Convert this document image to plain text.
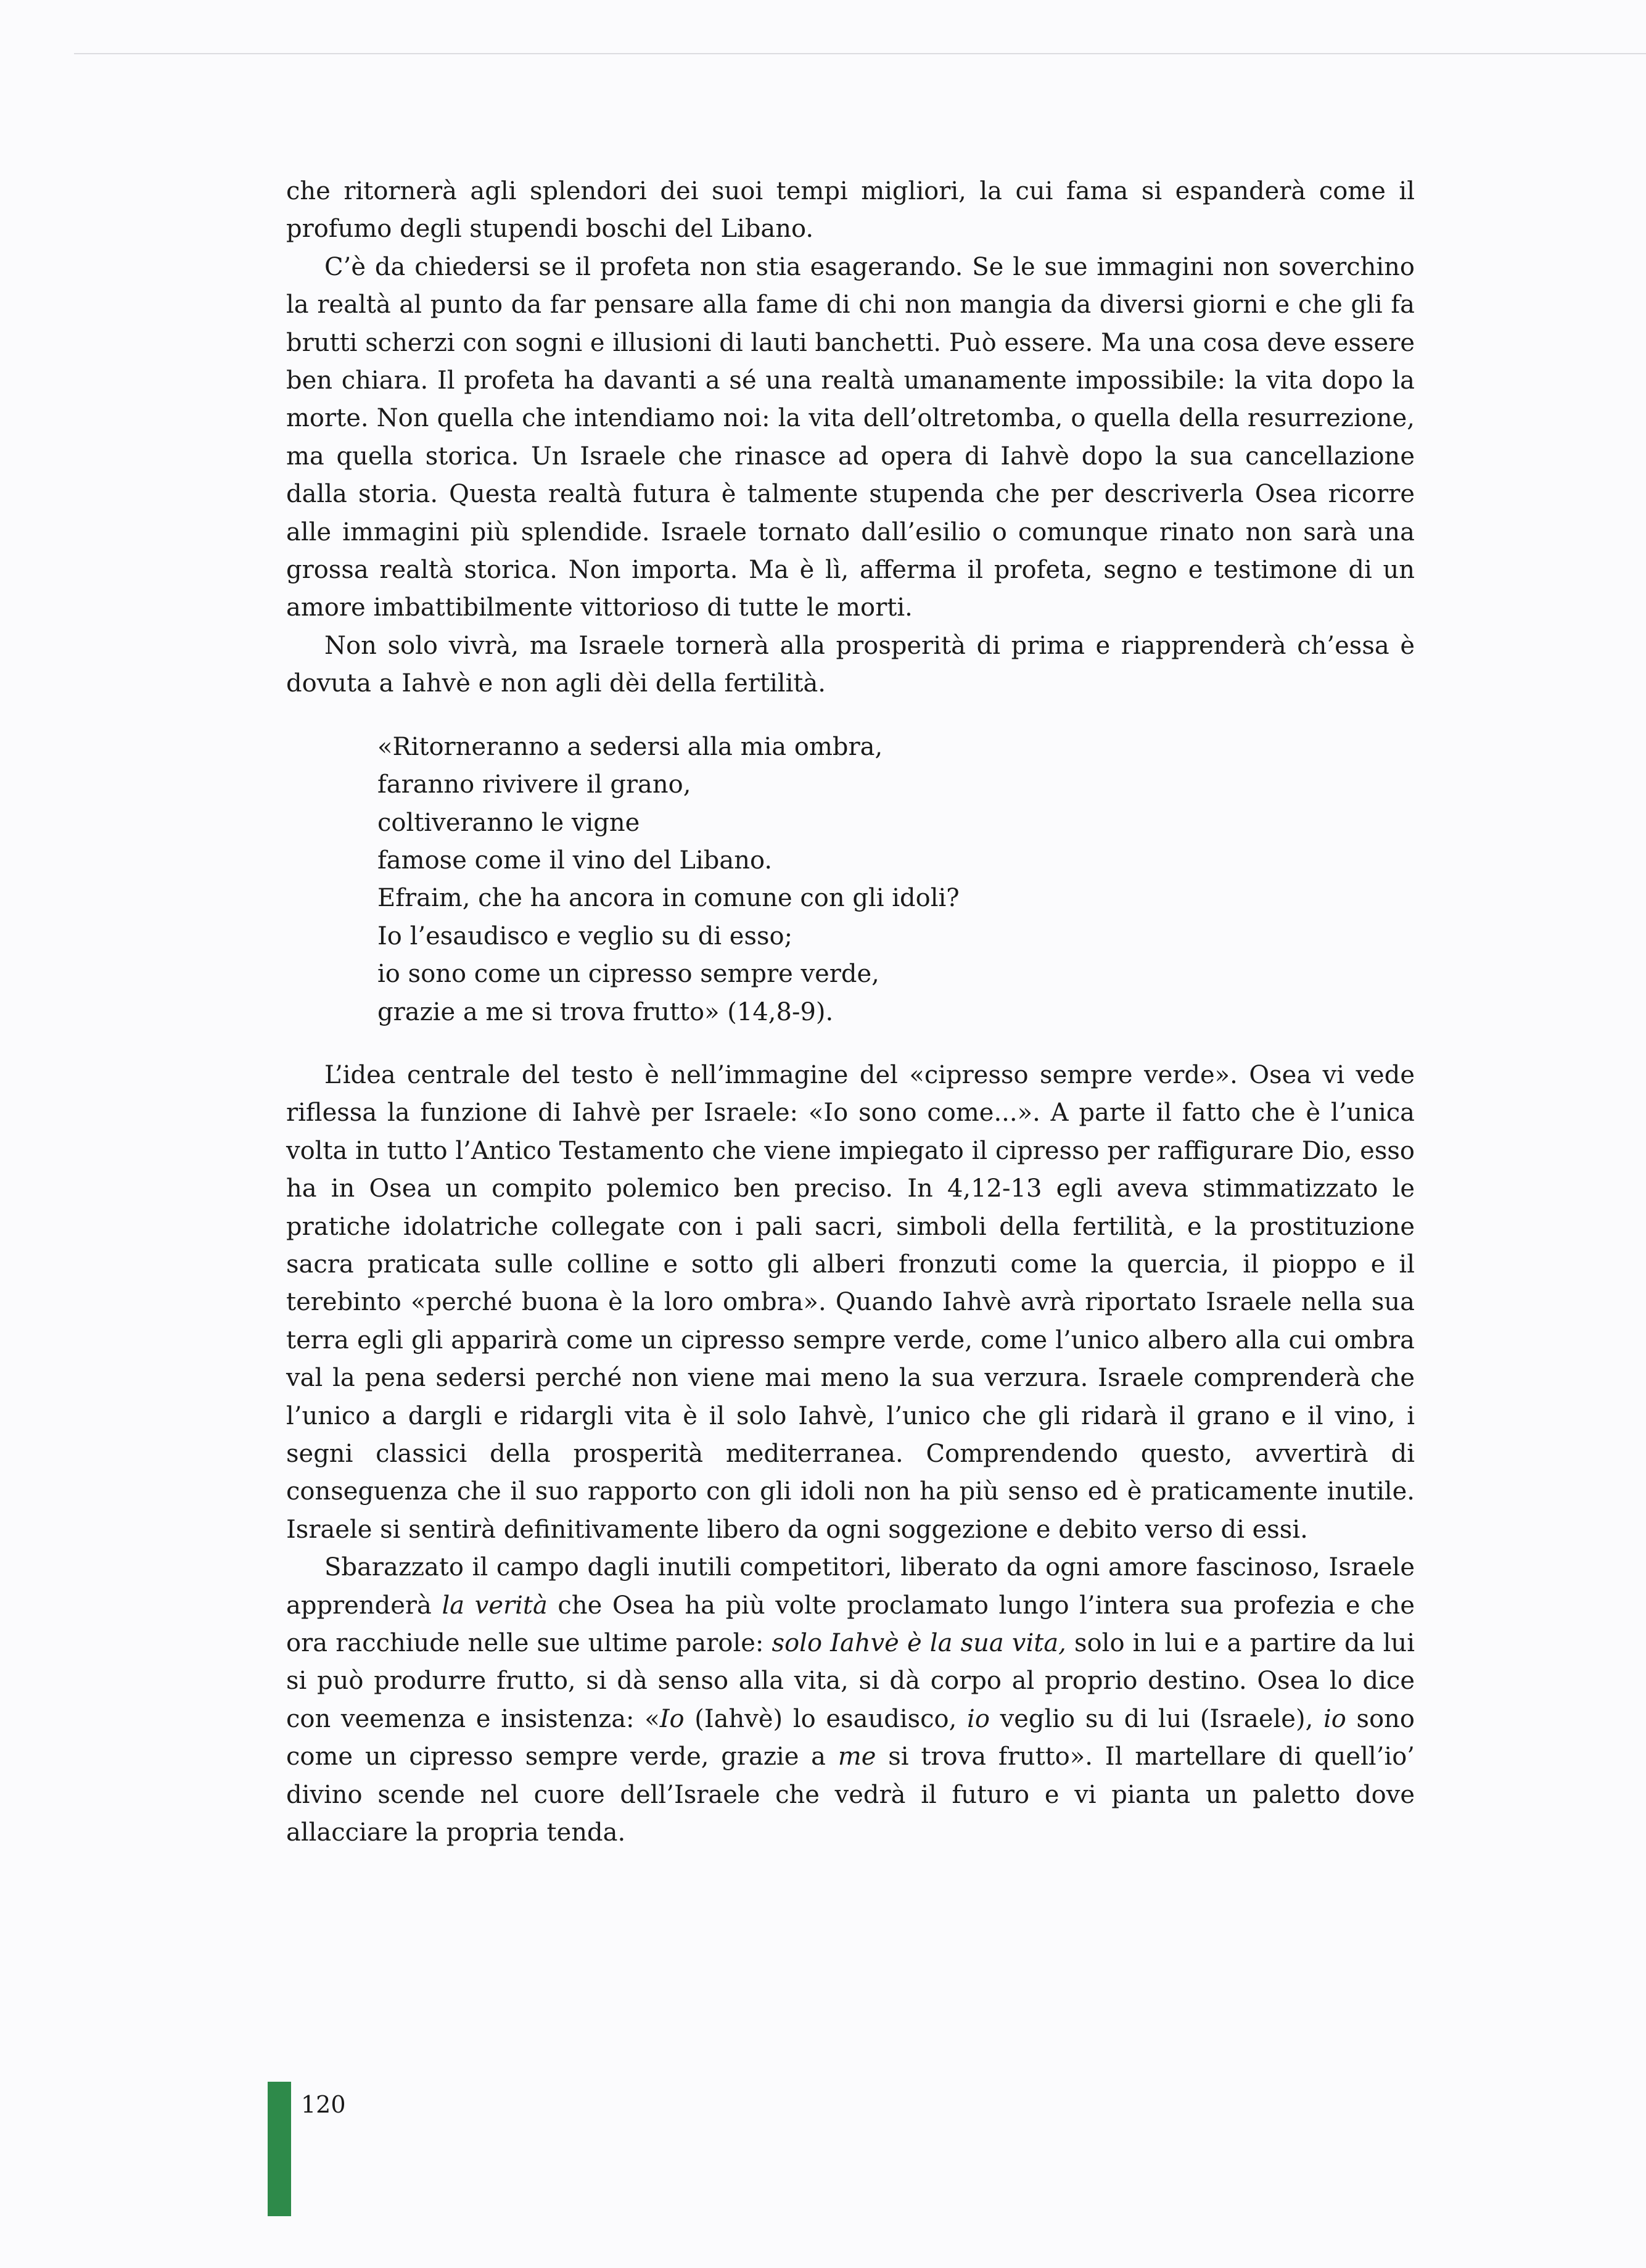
che ritornerà agli splendori dei suoi tempi migliori, la cui fama si espanderà come il profumo degli stupendi boschi del Libano.

C’è da chiedersi se il profeta non stia esagerando. Se le sue immagini non soverchino la realtà al punto da far pensare alla fame di chi non mangia da diversi giorni e che gli fa brutti scherzi con sogni e illusioni di lauti banchetti. Può essere. Ma una cosa deve essere ben chiara. Il profeta ha davanti a sé una realtà umanamente impossibile: la vita dopo la morte. Non quella che intendiamo noi: la vita dell’oltretomba, o quella della resurrezione, ma quella storica. Un Israele che rinasce ad opera di Iahvè dopo la sua cancellazione dalla storia. Questa realtà futura è talmente stupenda che per descriverla Osea ricorre alle immagini più splendide. Israele tornato dall’esilio o comunque rinato non sarà una grossa realtà storica. Non importa. Ma è lì, afferma il profeta, segno e testimone di un amore imbattibilmente vittorioso di tutte le morti.

Non solo vivrà, ma Israele tornerà alla prosperità di prima e riapprenderà ch’essa è dovuta a Iahvè e non agli dèi della fertilità.

«Ritorneranno a sedersi alla mia ombra,
faranno rivivere il grano,
coltiveranno le vigne
famose come il vino del Libano.
Efraim, che ha ancora in comune con gli idoli?
Io l’esaudisco e veglio su di esso;
io sono come un cipresso sempre verde,
grazie a me si trova frutto» (14,8-9).

L’idea centrale del testo è nell’immagine del «cipresso sempre verde». Osea vi vede riflessa la funzione di Iahvè per Israele: «Io sono come...». A parte il fatto che è l’unica volta in tutto l’Antico Testamento che viene impiegato il cipresso per raffigurare Dio, esso ha in Osea un compito polemico ben preciso. In 4,12-13 egli aveva stimmatizzato le pratiche idolatriche collegate con i pali sacri, simboli della fertilità, e la prostituzione sacra praticata sulle colline e sotto gli alberi fronzuti come la quercia, il pioppo e il terebinto «perché buona è la loro ombra». Quando Iahvè avrà riportato Israele nella sua terra egli gli apparirà come un cipresso sempre verde, come l’unico albero alla cui ombra val la pena sedersi perché non viene mai meno la sua verzura. Israele comprenderà che l’unico a dargli e ridargli vita è il solo Iahvè, l’unico che gli ridarà il grano e il vino, i segni classici della prosperità mediterranea. Comprendendo questo, avvertirà di conseguenza che il suo rapporto con gli idoli non ha più senso ed è praticamente inutile. Israele si sentirà definitivamente libero da ogni soggezione e debito verso di essi.

Sbarazzato il campo dagli inutili competitori, liberato da ogni amore fascinoso, Israele apprenderà la verità che Osea ha più volte proclamato lungo l’intera sua profezia e che ora racchiude nelle sue ultime parole: solo Iahvè è la sua vita, solo in lui e a partire da lui si può produrre frutto, si dà senso alla vita, si dà corpo al proprio destino. Osea lo dice con veemenza e insistenza: «Io (Iahvè) lo esaudisco, io veglio su di lui (Israele), io sono come un cipresso sempre verde, grazie a me si trova frutto». Il martellare di quell’io’ divino scende nel cuore dell’Israele che vedrà il futuro e vi pianta un paletto dove allacciare la propria tenda.

120
